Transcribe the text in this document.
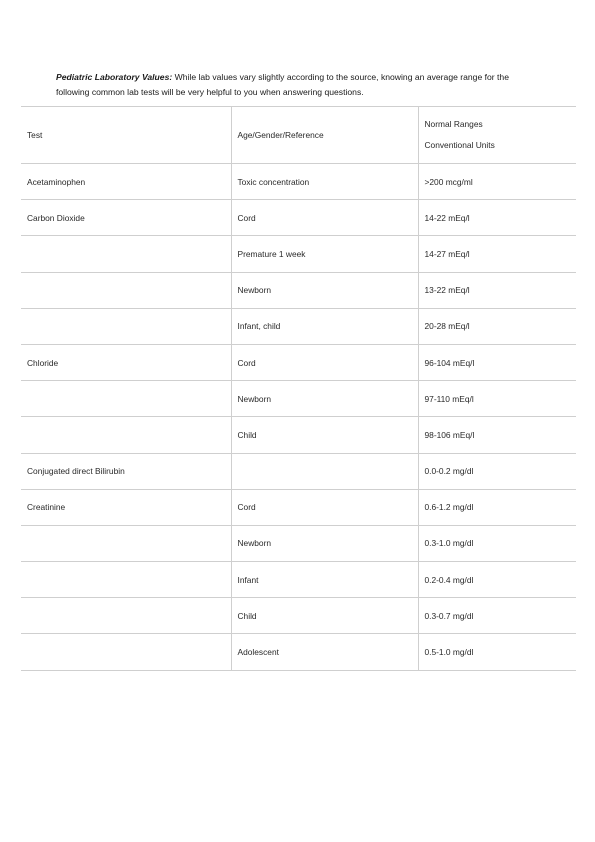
Pediatric Laboratory Values: While lab values vary slightly according to the source, knowing an average range for the following common lab tests will be very helpful to you when answering questions.
Test	Age/Gender/Reference	Normal Ranges
Conventional Units

Acetaminophen	Toxic concentration	>200 mcg/ml
Carbon Dioxide	Cord	14-22 mEq/l
	Premature 1 week	14-27 mEq/l
	Newborn	13-22 mEq/l
	Infant, child	20-28 mEq/l
Chloride	Cord	96-104 mEq/l
	Newborn	97-110 mEq/l
	Child	98-106 mEq/l
Conjugated direct Bilirubin		0.0-0.2 mg/dl
Creatinine	Cord	0.6-1.2 mg/dl
	Newborn	0.3-1.0 mg/dl
	Infant	0.2-0.4 mg/dl
	Child	0.3-0.7 mg/dl
	Adolescent	0.5-1.0 mg/dl
